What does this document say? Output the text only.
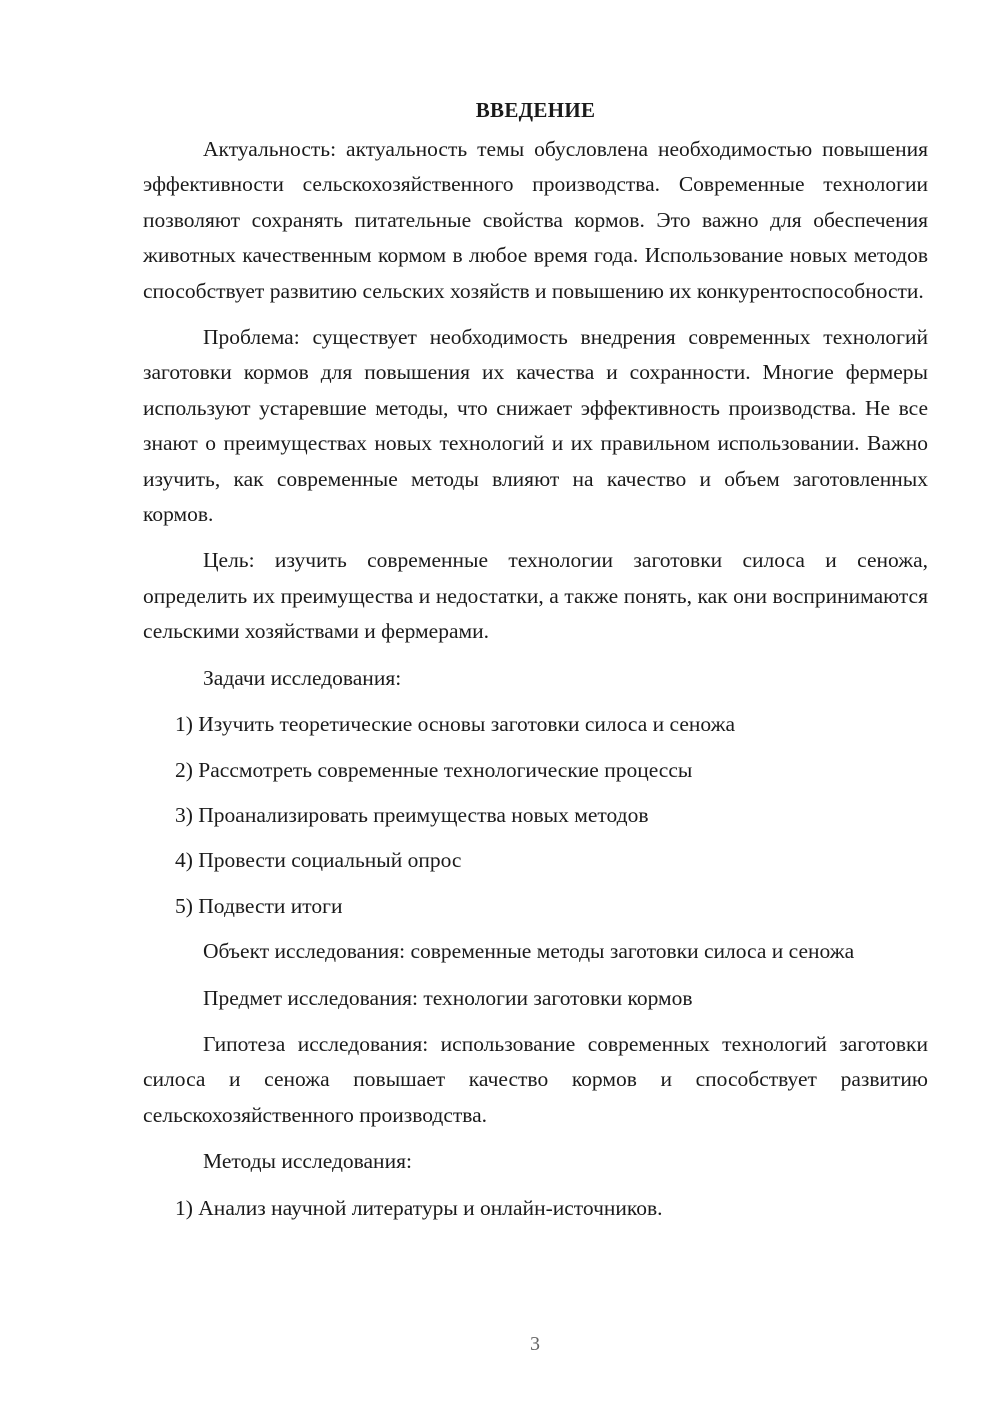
ВВЕДЕНИЕ

Актуальность: актуальность темы обусловлена необходимостью повышения эффективности сельскохозяйственного производства. Современные технологии позволяют сохранять питательные свойства кормов. Это важно для обеспечения животных качественным кормом в любое время года. Использование новых методов способствует развитию сельских хозяйств и повышению их конкурентоспособности.

Проблема: существует необходимость внедрения современных технологий заготовки кормов для повышения их качества и сохранности. Многие фермеры используют устаревшие методы, что снижает эффективность производства. Не все знают о преимуществах новых технологий и их правильном использовании. Важно изучить, как современные методы влияют на качество и объем заготовленных кормов.

Цель: изучить современные технологии заготовки силоса и сеножа, определить их преимущества и недостатки, а также понять, как они воспринимаются сельскими хозяйствами и фермерами.

Задачи исследования:

1) Изучить теоретические основы заготовки силоса и сеножа
2) Рассмотреть современные технологические процессы
3) Проанализировать преимущества новых методов
4) Провести социальный опрос
5) Подвести итоги

Объект исследования: современные методы заготовки силоса и сеножа

Предмет исследования: технологии заготовки кормов

Гипотеза исследования: использование современных технологий заготовки силоса и сеножа повышает качество кормов и способствует развитию сельскохозяйственного производства.

Методы исследования:

1) Анализ научной литературы и онлайн-источников.
3
